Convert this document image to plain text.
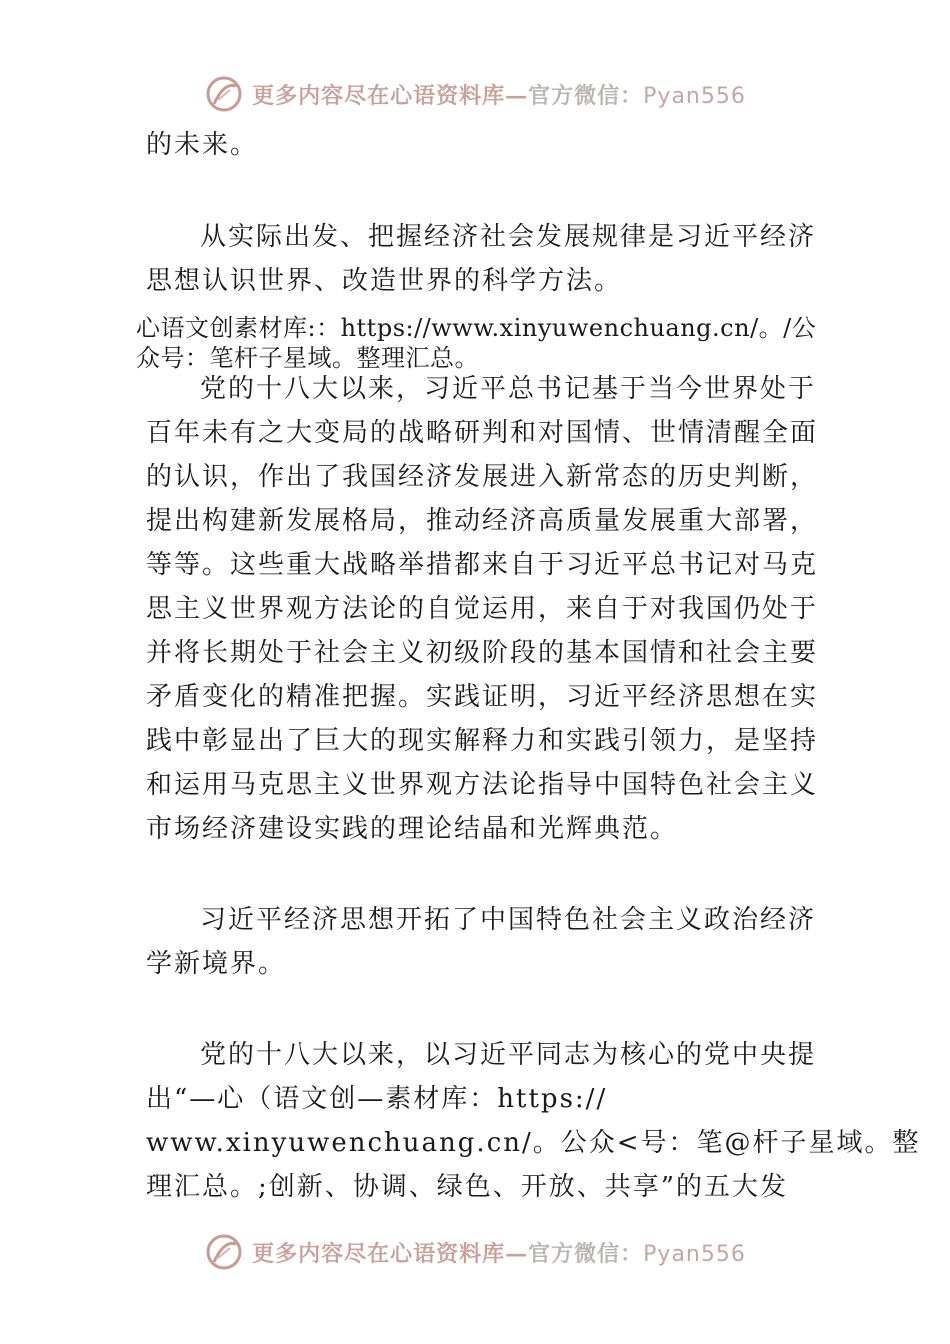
更多内容尽在心语资料库—官方微信：Pyan556
的未来。
从实际出发、把握经济社会发展规律是习近平经济
思想认识世界、改造世界的科学方法。
心语文创素材库:：https://www.xinyuwenchuang.cn/。/公
众号：笔杆子星域。整理汇总。
党的十八大以来，习近平总书记基于当今世界处于
百年未有之大变局的战略研判和对国情、世情清醒全面
的认识，作出了我国经济发展进入新常态的历史判断，
提出构建新发展格局，推动经济高质量发展重大部署，
等等。这些重大战略举措都来自于习近平总书记对马克
思主义世界观方法论的自觉运用，来自于对我国仍处于
并将长期处于社会主义初级阶段的基本国情和社会主要
矛盾变化的精准把握。实践证明，习近平经济思想在实
践中彰显出了巨大的现实解释力和实践引领力，是坚持
和运用马克思主义世界观方法论指导中国特色社会主义
市场经济建设实践的理论结晶和光辉典范。
习近平经济思想开拓了中国特色社会主义政治经济
学新境界。
党的十八大以来，以习近平同志为核心的党中央提
出“—心（语文创—素材库：https://
www.xinyuwenchuang.cn/。公众<号：笔@杆子星域。整
理汇总。;创新、协调、绿色、开放、共享”的五大发
更多内容尽在心语资料库—官方微信：Pyan556
